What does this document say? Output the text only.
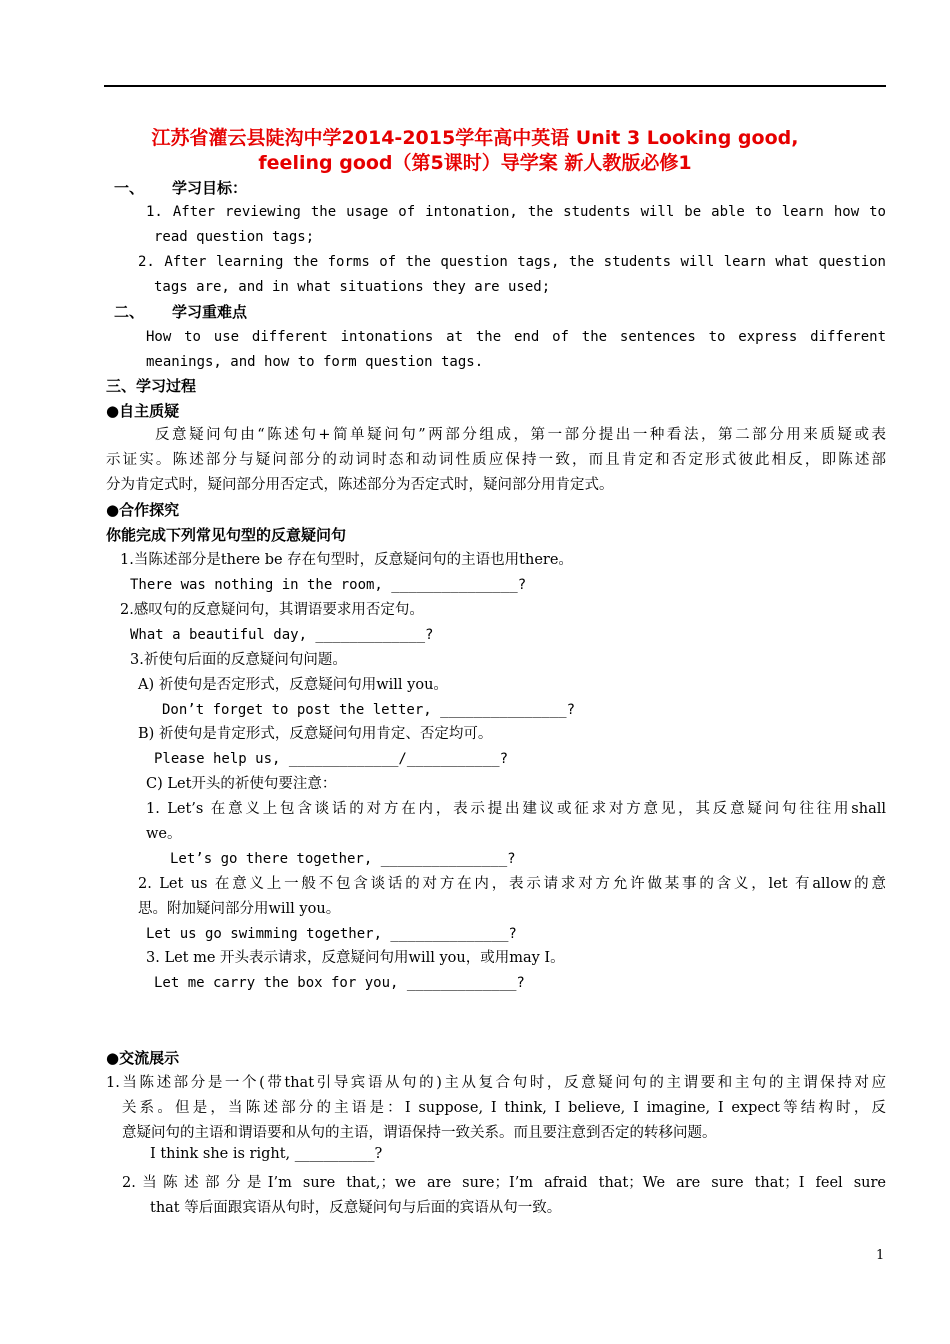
江苏省灌云县陡沟中学2014-2015学年高中英语 Unit 3 Looking good,
feeling good（第5课时）导学案 新人教版必修1
一、 学习目标：
1. After reviewing the usage of intonation, the students will be able to learn how to
read question tags;
2. After learning the forms of the question tags, the students will learn what question
tags are, and in what situations they are used;
二、 学习重难点
How to use different intonations at the end of the sentences to express different
meanings, and how to form question tags.
三、学习过程
●自主质疑
反意疑问句由“陈述句+简单疑问句”两部分组成，第一部分提出一种看法，第二部分用来质疑或表
示证实。陈述部分与疑问部分的动词时态和动词性质应保持一致，而且肯定和否定形式彼此相反，即陈述部
分为肯定式时，疑问部分用否定式，陈述部分为否定式时，疑问部分用肯定式。
●合作探究
你能完成下列常见句型的反意疑问句
1.当陈述部分是there be 存在句型时，反意疑问句的主语也用there。
There was nothing in the room, _______________?
2.感叹句的反意疑问句，其谓语要求用否定句。
What a beautiful day, _____________?
3.祈使句后面的反意疑问句问题。
A) 祈使句是否定形式，反意疑问句用will you。
Don’t forget to post the letter, _______________?
B) 祈使句是肯定形式，反意疑问句用肯定、否定均可。
Please help us, _____________/___________?
C) Let开头的祈使句要注意：
1. Let’s 在意义上包含谈话的对方在内，表示提出建议或征求对方意见，其反意疑问句往往用shall
we。
Let’s go there together, _______________?
2. Let us 在意义上一般不包含谈话的对方在内，表示请求对方允许做某事的含义，let 有allow的意
思。附加疑问部分用will you。
Let us go swimming together, ______________?
3. Let me 开头表示请求，反意疑问句用will you，或用may I。
Let me carry the box for you, _____________?
●交流展示
1.当陈述部分是一个(带that引导宾语从句的)主从复合句时，反意疑问句的主谓要和主句的主谓保持对应
关系。但是，当陈述部分的主语是：I suppose, I think, I believe, I imagine, I expect等结构时，反
意疑问句的主语和谓语要和从句的主语，谓语保持一致关系。而且要注意到否定的转移问题。
I think she is right, ___________?
2.当陈述部分是I’m sure that,；we are sure；I’m afraid that；We are sure that；I feel sure
that 等后面跟宾语从句时，反意疑问句与后面的宾语从句一致。
1
